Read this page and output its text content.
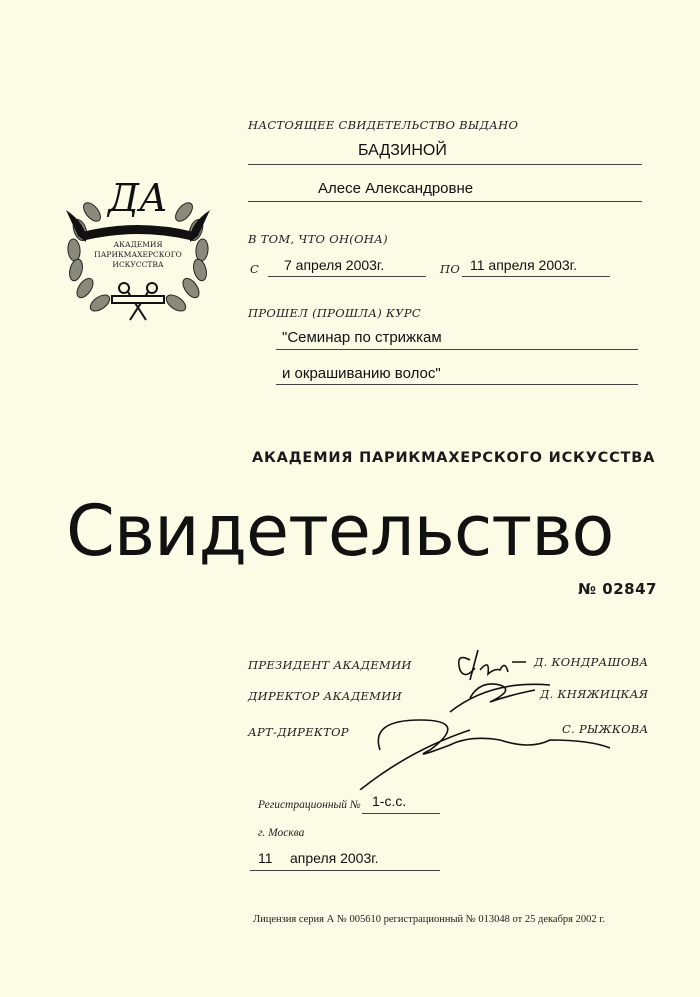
ДА
АКАДЕМИЯ
ПАРИКМАХЕРСКОГО
ИСКУССТВА
НАСТОЯЩЕЕ СВИДЕТЕЛЬСТВО ВЫДАНО
БАДЗИНОЙ
Алесе Александровне
В ТОМ, ЧТО ОН(ОНА)
С 7 апреля 2003г.	ПО 11 апреля 2003г.
ПРОШЕЛ (ПРОШЛА) КУРС
"Семинар по стрижкам
и окрашиванию волос"
АКАДЕМИЯ ПАРИКМАХЕРСКОГО ИСКУССТВА
Свидетельство
№ 02847
ПРЕЗИДЕНТ АКАДЕМИИ	Д. КОНДРАШОВА
ДИРЕКТОР АКАДЕМИИ	Д. КНЯЖИЦКАЯ
АРТ-ДИРЕКТОР	С. РЫЖКОВА
Регистрационный № 1-с.с.
г. Москва
11 апреля 2003г.
Лицензия серия А № 005610 регистрационный № 013048 от 25 декабря 2002 г.
